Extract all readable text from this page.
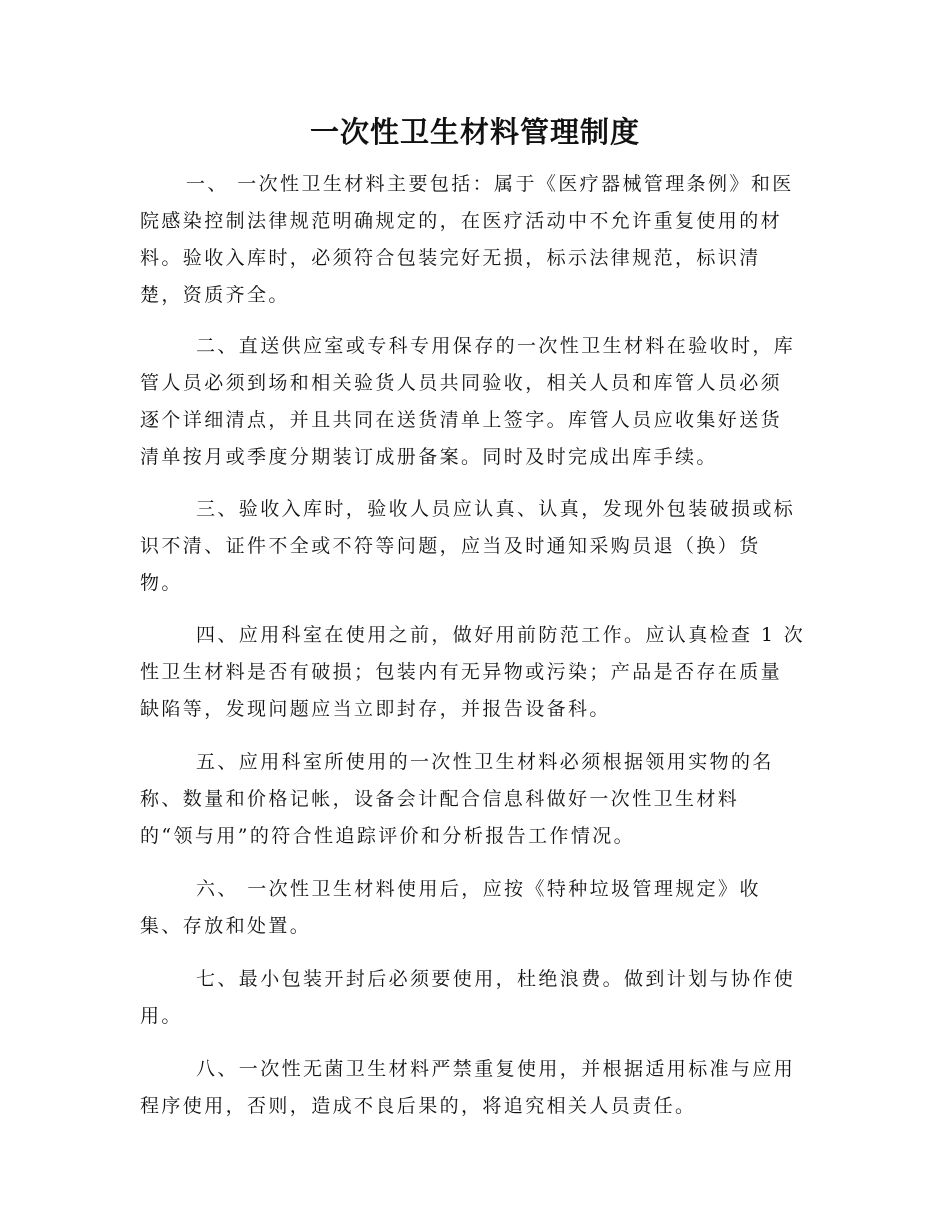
一次性卫生材料管理制度
一、 一次性卫生材料主要包括：属于《医疗器械管理条例》和医
院感染控制法律规范明确规定的，在医疗活动中不允许重复使用的材
料。验收入库时，必须符合包装完好无损，标示法律规范，标识清
楚，资质齐全。
二、直送供应室或专科专用保存的一次性卫生材料在验收时，库
管人员必须到场和相关验货人员共同验收，相关人员和库管人员必须
逐个详细清点，并且共同在送货清单上签字。库管人员应收集好送货
清单按月或季度分期装订成册备案。同时及时完成出库手续。
三、验收入库时，验收人员应认真、认真，发现外包装破损或标
识不清、证件不全或不符等问题，应当及时通知采购员退（换）货
物。
四、应用科室在使用之前，做好用前防范工作。应认真检查 1 次
性卫生材料是否有破损；包装内有无异物或污染；产品是否存在质量
缺陷等，发现问题应当立即封存，并报告设备科。
五、应用科室所使用的一次性卫生材料必须根据领用实物的名
称、数量和价格记帐，设备会计配合信息科做好一次性卫生材料
的“领与用”的符合性追踪评价和分析报告工作情况。
六、 一次性卫生材料使用后，应按《特种垃圾管理规定》收
集、存放和处置。
七、最小包装开封后必须要使用，杜绝浪费。做到计划与协作使
用。
八、一次性无菌卫生材料严禁重复使用，并根据适用标准与应用
程序使用，否则，造成不良后果的，将追究相关人员责任。
